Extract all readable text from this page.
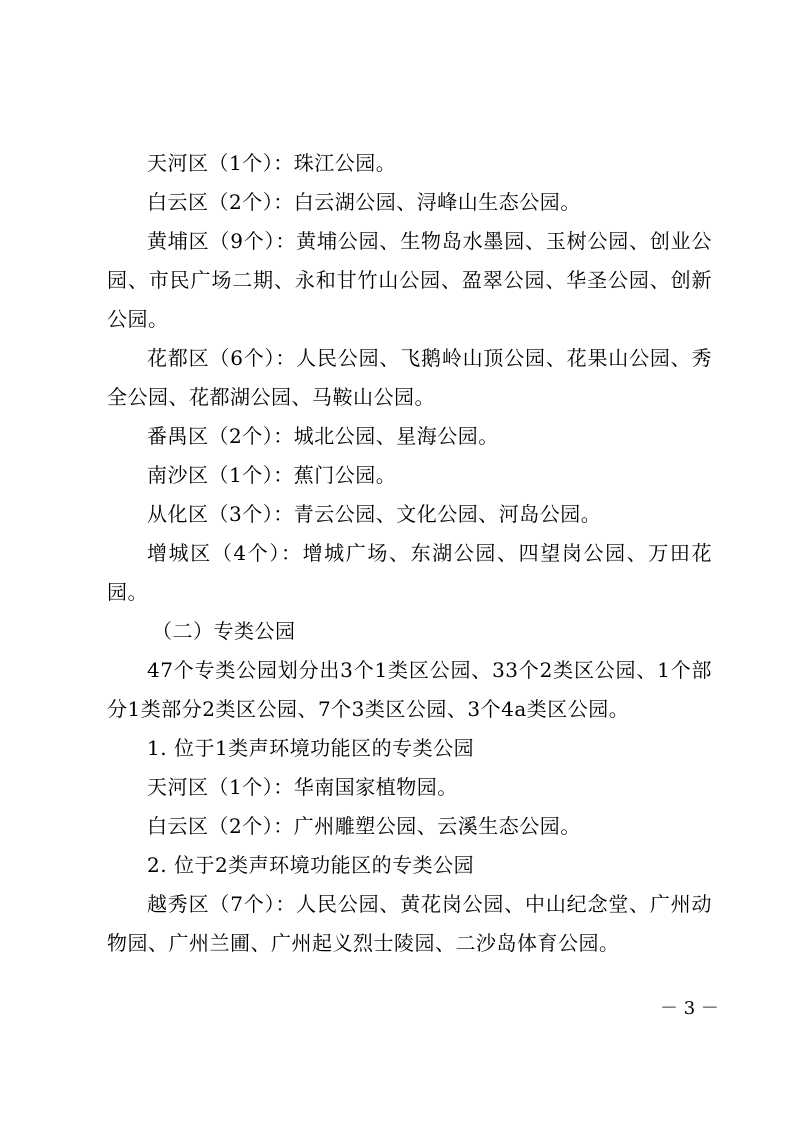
天河区（1个）：珠江公园。

白云区（2个）：白云湖公园、浔峰山生态公园。

黄埔区（9个）：黄埔公园、生物岛水墨园、玉树公园、创业公园、市民广场二期、永和甘竹山公园、盈翠公园、华圣公园、创新公园。

花都区（6个）：人民公园、飞鹅岭山顶公园、花果山公园、秀全公园、花都湖公园、马鞍山公园。

番禺区（2个）：城北公园、星海公园。

南沙区（1个）：蕉门公园。

从化区（3个）：青云公园、文化公园、河岛公园。

增城区（4个）：增城广场、东湖公园、四望岗公园、万田花园。

（二）专类公园

47个专类公园划分出3个1类区公园、33个2类区公园、1个部分1类部分2类区公园、7个3类区公园、3个4a类区公园。

1. 位于1类声环境功能区的专类公园

天河区（1个）：华南国家植物园。

白云区（2个）：广州雕塑公园、云溪生态公园。

2. 位于2类声环境功能区的专类公园

越秀区（7个）：人民公园、黄花岗公园、中山纪念堂、广州动物园、广州兰圃、广州起义烈士陵园、二沙岛体育公园。

－ 3 －
